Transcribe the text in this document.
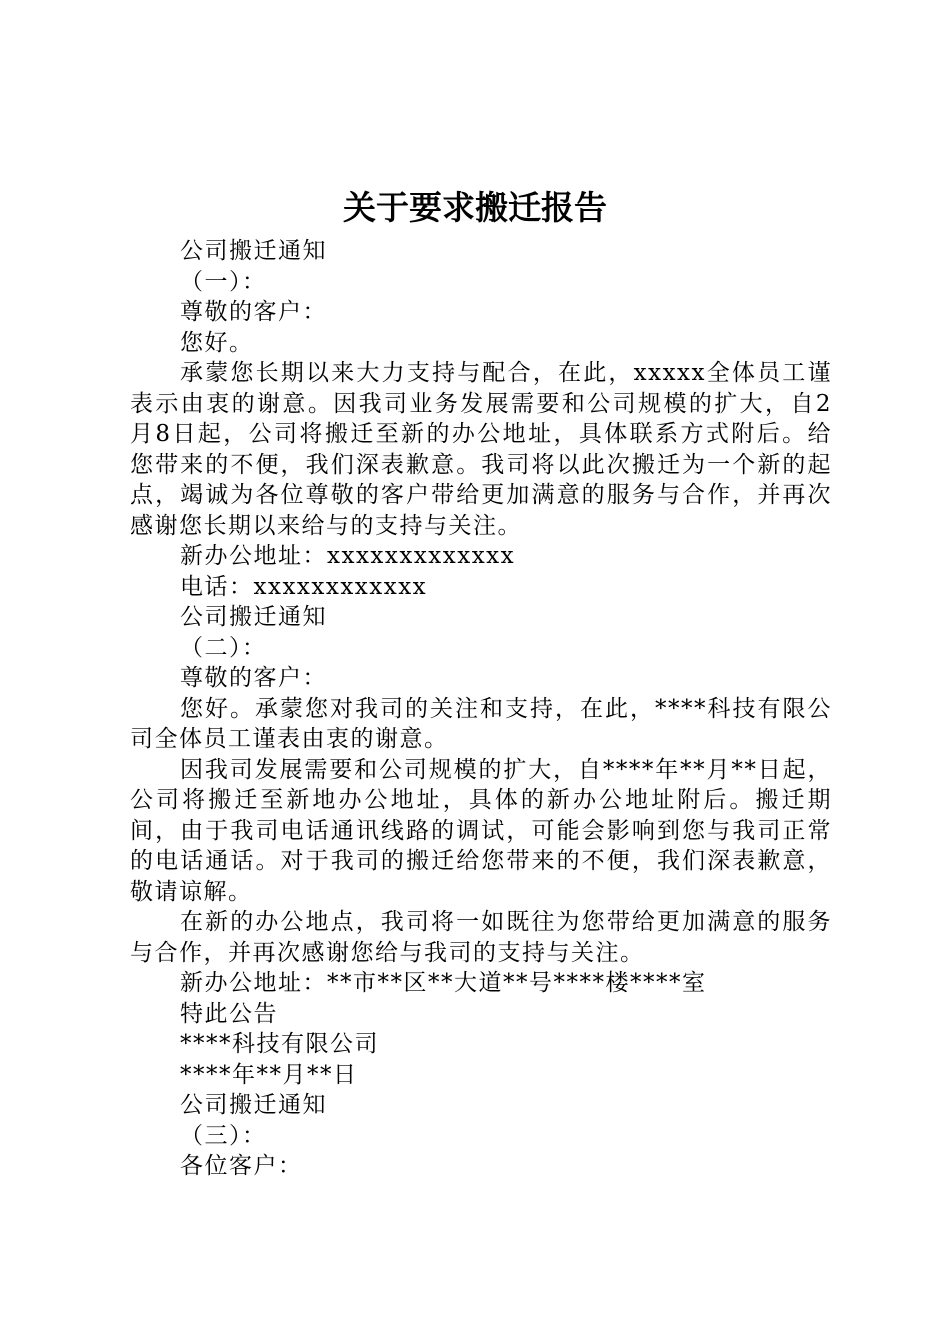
关于要求搬迁报告

公司搬迁通知

（一）：

尊敬的客户：

您好。

承蒙您长期以来大力支持与配合，在此，xxxxx全体员工谨表示由衷的谢意。因我司业务发展需要和公司规模的扩大，自2月8日起，公司将搬迁至新的办公地址，具体联系方式附后。给您带来的不便，我们深表歉意。我司将以此次搬迁为一个新的起点，竭诚为各位尊敬的客户带给更加满意的服务与合作，并再次感谢您长期以来给与的支持与关注。

新办公地址：xxxxxxxxxxxxx

电话：xxxxxxxxxxxx

公司搬迁通知

（二）：

尊敬的客户：

您好。承蒙您对我司的关注和支持，在此，****科技有限公司全体员工谨表由衷的谢意。

因我司发展需要和公司规模的扩大，自****年**月**日起，公司将搬迁至新地办公地址，具体的新办公地址附后。搬迁期间，由于我司电话通讯线路的调试，可能会影响到您与我司正常的电话通话。对于我司的搬迁给您带来的不便，我们深表歉意，敬请谅解。

在新的办公地点，我司将一如既往为您带给更加满意的服务与合作，并再次感谢您给与我司的支持与关注。

新办公地址：**市**区**大道**号****楼****室

特此公告

****科技有限公司

****年**月**日

公司搬迁通知

（三）：

各位客户：
